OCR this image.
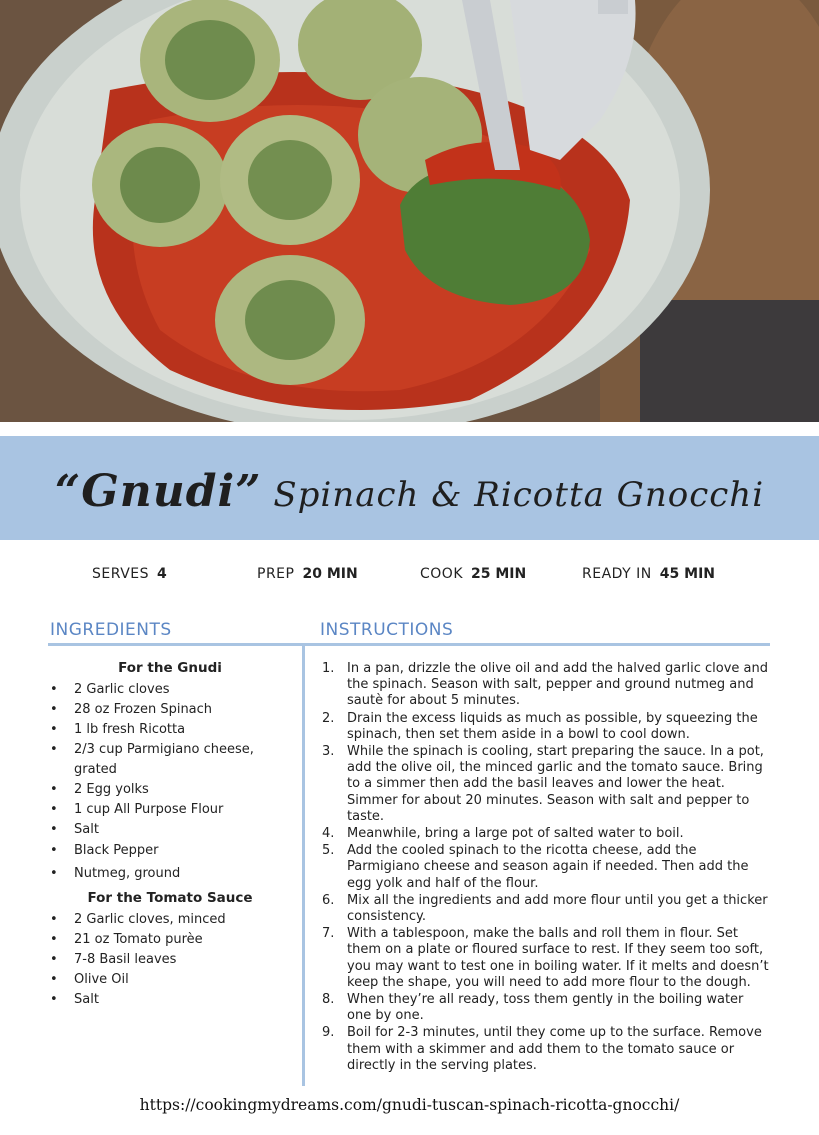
“Gnudi” Spinach & Ricotta Gnocchi
SERVES 4	PREP 20 MIN	COOK 25 MIN	READY IN 45 MIN
INGREDIENTS	INSTRUCTIONS
For the Gnudi
• 2 Garlic cloves
• 28 oz Frozen Spinach
• 1 lb fresh Ricotta
• 2/3 cup Parmigiano cheese, grated
• 2 Egg yolks
• 1 cup All Purpose Flour
• Salt
• Black Pepper
• Nutmeg, ground
For the Tomato Sauce
• 2 Garlic cloves, minced
• 21 oz Tomato purèe
• 7-8 Basil leaves
• Olive Oil
• Salt
1. In a pan, drizzle the olive oil and add the halved garlic clove and the spinach. Season with salt, pepper and ground nutmeg and sautè for about 5 minutes.
2. Drain the excess liquids as much as possible, by squeezing the spinach, then set them aside in a bowl to cool down.
3. While the spinach is cooling, start preparing the sauce. In a pot, add the olive oil, the minced garlic and the tomato sauce. Bring to a simmer then add the basil leaves and lower the heat. Simmer for about 20 minutes. Season with salt and pepper to taste.
4. Meanwhile, bring a large pot of salted water to boil.
5. Add the cooled spinach to the ricotta cheese, add the Parmigiano cheese and season again if needed. Then add the egg yolk and half of the flour.
6. Mix all the ingredients and add more flour until you get a thicker consistency.
7. With a tablespoon, make the balls and roll them in flour. Set them on a plate or floured surface to rest. If they seem too soft, you may want to test one in boiling water. If it melts and doesn’t keep the shape, you will need to add more flour to the dough.
8. When they’re all ready, toss them gently in the boiling water one by one.
9. Boil for 2-3 minutes, until they come up to the surface. Remove them with a skimmer and add them to the tomato sauce or directly in the serving plates.
https://cookingmydreams.com/gnudi-tuscan-spinach-ricotta-gnocchi/
